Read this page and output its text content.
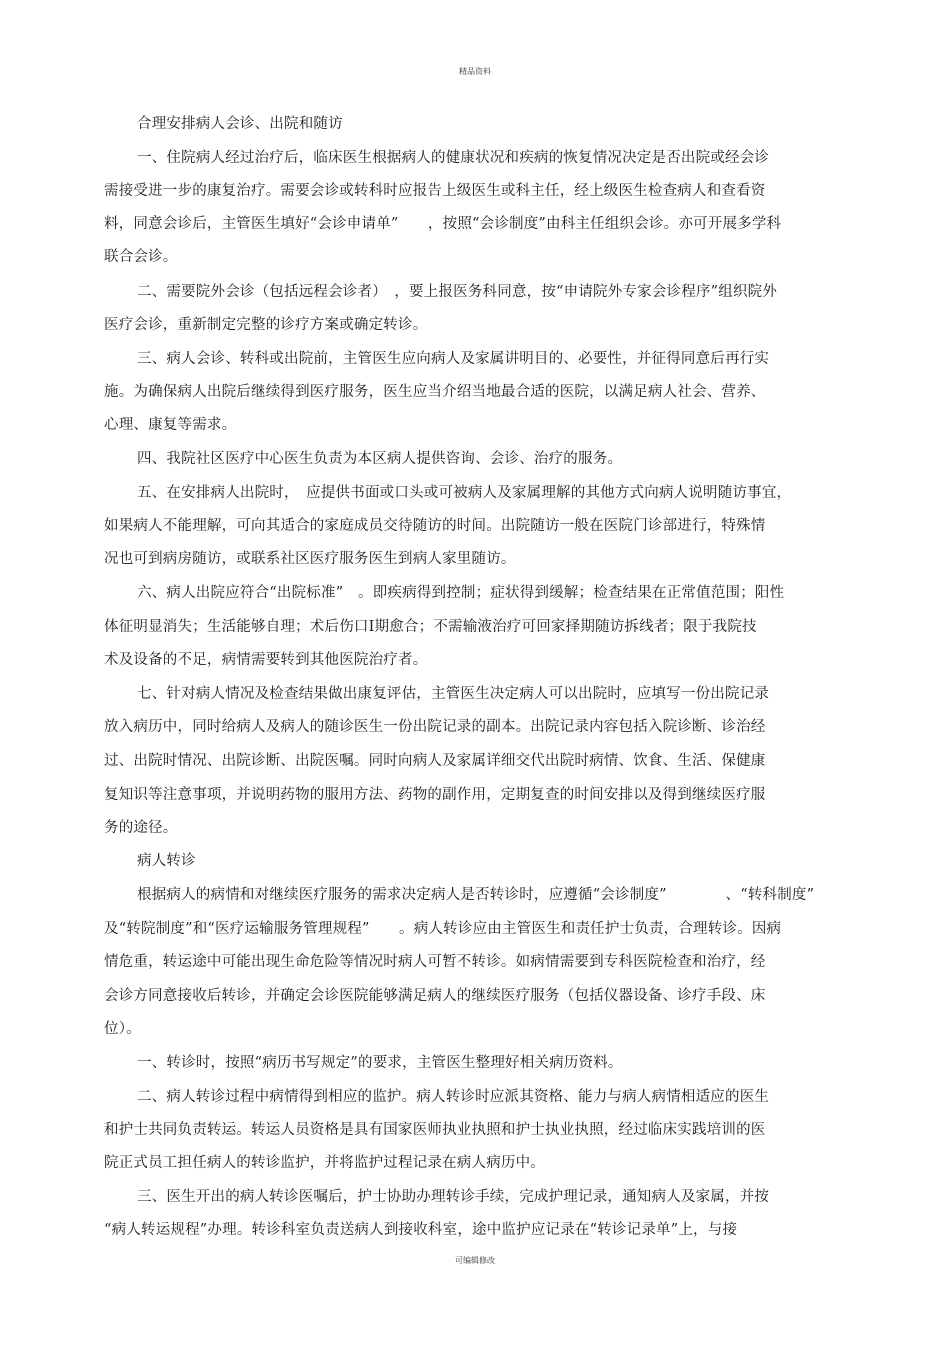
精品资料
合理安排病人会诊、出院和随访
一、住院病人经过治疗后，临床医生根据病人的健康状况和疾病的恢复情况决定是否出院或经会诊
需接受进一步的康复治疗。需要会诊或转科时应报告上级医生或科主任，经上级医生检查病人和查看资
料，同意会诊后，主管医生填好“会诊申请单”　　，按照“会诊制度”由科主任组织会诊。亦可开展多学科
联合会诊。
二、需要院外会诊（包括远程会诊者）　，要上报医务科同意，按“申请院外专家会诊程序”组织院外
医疗会诊，重新制定完整的诊疗方案或确定转诊。
三、病人会诊、转科或出院前，主管医生应向病人及家属讲明目的、必要性，并征得同意后再行实
施。为确保病人出院后继续得到医疗服务，医生应当介绍当地最合适的医院，以满足病人社会、营养、
心理、康复等需求。
四、我院社区医疗中心医生负责为本区病人提供咨询、会诊、治疗的服务。
五、在安排病人出院时，　应提供书面或口头或可被病人及家属理解的其他方式向病人说明随访事宜，
如果病人不能理解，可向其适合的家庭成员交待随访的时间。出院随访一般在医院门诊部进行，特殊情
况也可到病房随访，或联系社区医疗服务医生到病人家里随访。
六、病人出院应符合“出院标准”　。即疾病得到控制；症状得到缓解；检查结果在正常值范围；阳性
体征明显消失；生活能够自理；术后伤口Ⅰ期愈合；不需输液治疗可回家择期随访拆线者；限于我院技
术及设备的不足，病情需要转到其他医院治疗者。
七、针对病人情况及检查结果做出康复评估，主管医生决定病人可以出院时，应填写一份出院记录
放入病历中，同时给病人及病人的随诊医生一份出院记录的副本。出院记录内容包括入院诊断、诊治经
过、出院时情况、出院诊断、出院医嘱。同时向病人及家属详细交代出院时病情、饮食、生活、保健康
复知识等注意事项，并说明药物的服用方法、药物的副作用，定期复查的时间安排以及得到继续医疗服
务的途径。
病人转诊
根据病人的病情和对继续医疗服务的需求决定病人是否转诊时，应遵循“会诊制度”　　　　、“转科制度”
及“转院制度”和“医疗运输服务管理规程”　　。病人转诊应由主管医生和责任护士负责，合理转诊。因病
情危重，转运途中可能出现生命危险等情况时病人可暂不转诊。如病情需要到专科医院检查和治疗，经
会诊方同意接收后转诊，并确定会诊医院能够满足病人的继续医疗服务（包括仪器设备、诊疗手段、床
位）。
一、转诊时，按照“病历书写规定”的要求，主管医生整理好相关病历资料。
二、病人转诊过程中病情得到相应的监护。病人转诊时应派其资格、能力与病人病情相适应的医生
和护士共同负责转运。转运人员资格是具有国家医师执业执照和护士执业执照，经过临床实践培训的医
院正式员工担任病人的转诊监护，并将监护过程记录在病人病历中。
三、医生开出的病人转诊医嘱后，护士协助办理转诊手续，完成护理记录，通知病人及家属，并按
“病人转运规程”办理。转诊科室负责送病人到接收科室，途中监护应记录在“转诊记录单”上，与接
可编辑修改
